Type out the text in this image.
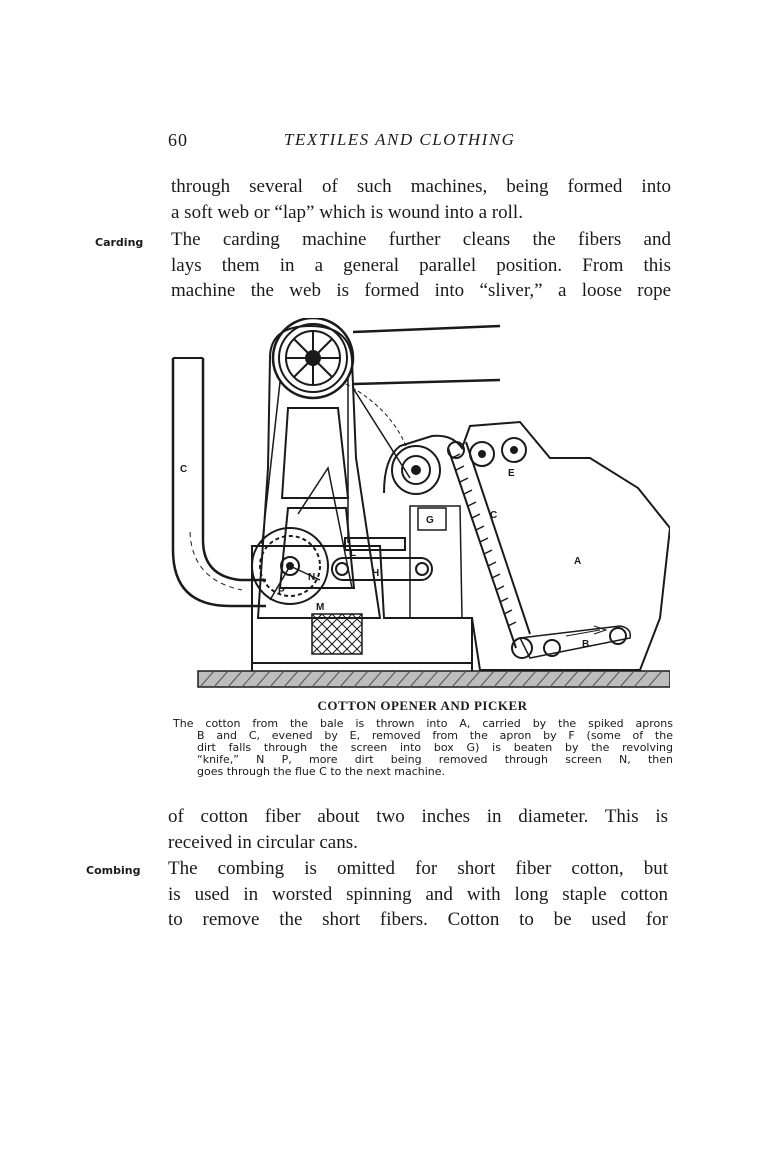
60	TEXTILES AND CLOTHING
through several of such machines, being formed into
a soft web or “lap” which is wound into a roll.
Carding The carding machine further cleans the fibers and
lays them in a general parallel position. From this
machine the web is formed into “sliver,” a loose rope
C
A
B
C
E
G
H
L
M
N
P
COTTON OPENER AND PICKER
The cotton from the bale is thrown into A, carried by the spiked aprons
B and C, evened by E, removed from the apron by F (some of the
dirt falls through the screen into box G) is beaten by the revolving
“knife,” N P, more dirt being removed through screen N, then
goes through the flue C to the next machine.
of cotton fiber about two inches in diameter. This is
received in circular cans.
Combing The combing is omitted for short fiber cotton, but
is used in worsted spinning and with long staple cotton
to remove the short fibers. Cotton to be used for
